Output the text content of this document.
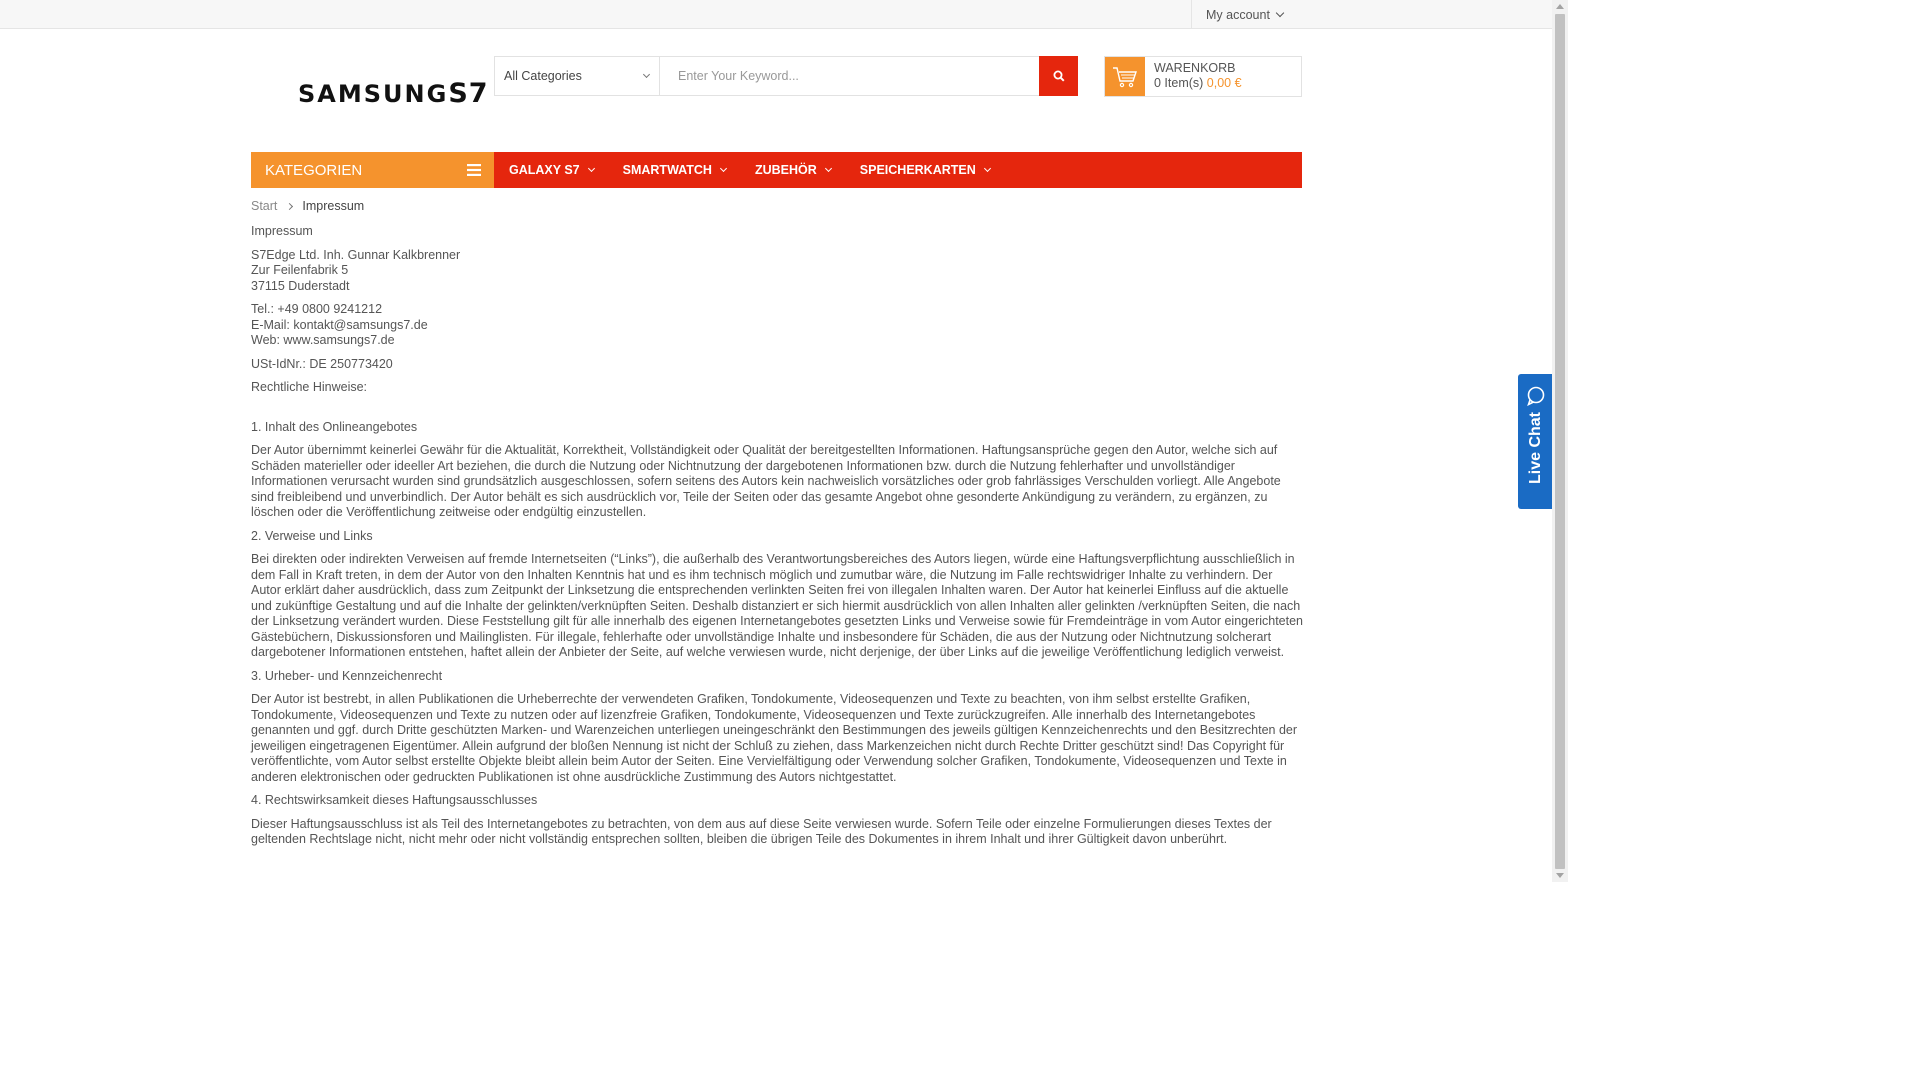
My account
SAMSUNGS7
All Categories
Enter Your Keyword...
WARENKORB
0 Item(s) 0,00 €
KATEGORIEN	GALAXY S7	SMARTWATCH	ZUBEHÖR	SPEICHERKARTEN
Start Impressum

Impressum

S7Edge Ltd. Inh. Gunnar Kalkbrenner
Zur Feilenfabrik 5
37115 Duderstadt

Tel.: +49 0800 9241212
E-Mail: kontakt@samsungs7.de
Web: www.samsungs7.de

USt-IdNr.: DE 250773420

Rechtliche Hinweise:

1. Inhalt des Onlineangebotes

Der Autor übernimmt keinerlei Gewähr für die Aktualität, Korrektheit, Vollständigkeit oder Qualität der bereitgestellten Informationen. Haftungsansprüche gegen den Autor, welche sich auf Schäden materieller oder ideeller Art beziehen, die durch die Nutzung oder Nichtnutzung der dargebotenen Informationen bzw. durch die Nutzung fehlerhafter und unvollständiger Informationen verursacht wurden sind grundsätzlich ausgeschlossen, sofern seitens des Autors kein nachweislich vorsätzliches oder grob fahrlässiges Verschulden vorliegt. Alle Angebote sind freibleibend und unverbindlich. Der Autor behält es sich ausdrücklich vor, Teile der Seiten oder das gesamte Angebot ohne gesonderte Ankündigung zu verändern, zu ergänzen, zu löschen oder die Veröffentlichung zeitweise oder endgültig einzustellen.

2. Verweise und Links

Bei direkten oder indirekten Verweisen auf fremde Internetseiten (“Links”), die außerhalb des Verantwortungsbereiches des Autors liegen, würde eine Haftungsverpflichtung ausschließlich in dem Fall in Kraft treten, in dem der Autor von den Inhalten Kenntnis hat und es ihm technisch möglich und zumutbar wäre, die Nutzung im Falle rechtswidriger Inhalte zu verhindern. Der Autor erklärt daher ausdrücklich, dass zum Zeitpunkt der Linksetzung die entsprechenden verlinkten Seiten frei von illegalen Inhalten waren. Der Autor hat keinerlei Einfluss auf die aktuelle und zukünftige Gestaltung und auf die Inhalte der gelinkten/verknüpften Seiten. Deshalb distanziert er sich hiermit ausdrücklich von allen Inhalten aller gelinkten /verknüpften Seiten, die nach der Linksetzung verändert wurden. Diese Feststellung gilt für alle innerhalb des eigenen Internetangebotes gesetzten Links und Verweise sowie für Fremdeinträge in vom Autor eingerichteten Gästebüchern, Diskussionsforen und Mailinglisten. Für illegale, fehlerhafte oder unvollständige Inhalte und insbesondere für Schäden, die aus der Nutzung oder Nichtnutzung solcherart dargebotener Informationen entstehen, haftet allein der Anbieter der Seite, auf welche verwiesen wurde, nicht derjenige, der über Links auf die jeweilige Veröffentlichung lediglich verweist.

3. Urheber- und Kennzeichenrecht

Der Autor ist bestrebt, in allen Publikationen die Urheberrechte der verwendeten Grafiken, Tondokumente, Videosequenzen und Texte zu beachten, von ihm selbst erstellte Grafiken, Tondokumente, Videosequenzen und Texte zu nutzen oder auf lizenzfreie Grafiken, Tondokumente, Videosequenzen und Texte zurückzugreifen. Alle innerhalb des Internetangebotes genannten und ggf. durch Dritte geschützten Marken- und Warenzeichen unterliegen uneingeschränkt den Bestimmungen des jeweils gültigen Kennzeichenrechts und den Besitzrechten der jeweiligen eingetragenen Eigentümer. Allein aufgrund der bloßen Nennung ist nicht der Schluß zu ziehen, dass Markenzeichen nicht durch Rechte Dritter geschützt sind! Das Copyright für veröffentlichte, vom Autor selbst erstellte Objekte bleibt allein beim Autor der Seiten. Eine Vervielfältigung oder Verwendung solcher Grafiken, Tondokumente, Videosequenzen und Texte in anderen elektronischen oder gedruckten Publikationen ist ohne ausdrückliche Zustimmung des Autors nichtgestattet.

4. Rechtswirksamkeit dieses Haftungsausschlusses

Dieser Haftungsausschluss ist als Teil des Internetangebotes zu betrachten, von dem aus auf diese Seite verwiesen wurde. Sofern Teile oder einzelne Formulierungen dieses Textes der geltenden Rechtslage nicht, nicht mehr oder nicht vollständig entsprechen sollten, bleiben die übrigen Teile des Dokumentes in ihrem Inhalt und ihrer Gültigkeit davon unberührt.

Live Chat
